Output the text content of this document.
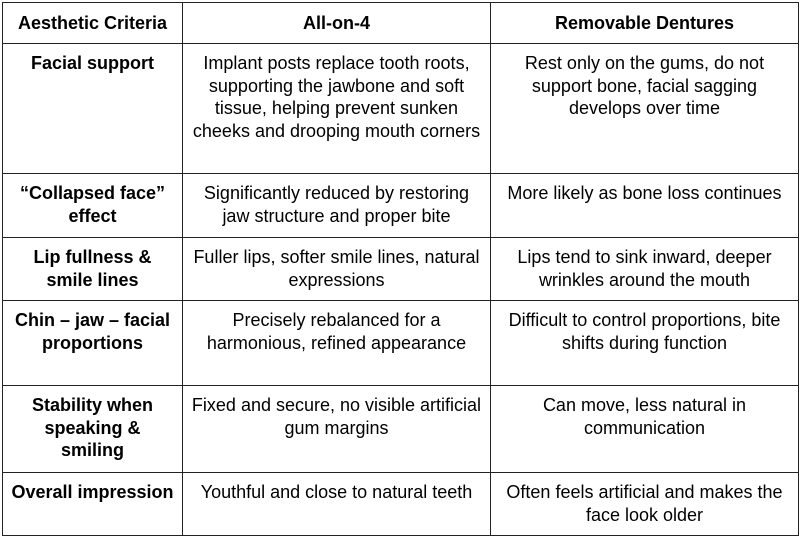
Aesthetic Criteria	All-on-4	Removable Dentures
Facial support	Implant posts replace tooth roots, supporting the jawbone and soft tissue, helping prevent sunken cheeks and drooping mouth corners	Rest only on the gums, do not support bone, facial sagging develops over time
“Collapsed face” effect	Significantly reduced by restoring jaw structure and proper bite	More likely as bone loss continues
Lip fullness & smile lines	Fuller lips, softer smile lines, natural expressions	Lips tend to sink inward, deeper wrinkles around the mouth
Chin – jaw – facial proportions	Precisely rebalanced for a harmonious, refined appearance	Difficult to control proportions, bite shifts during function
Stability when speaking & smiling	Fixed and secure, no visible artificial gum margins	Can move, less natural in communication
Overall impression	Youthful and close to natural teeth	Often feels artificial and makes the face look older
